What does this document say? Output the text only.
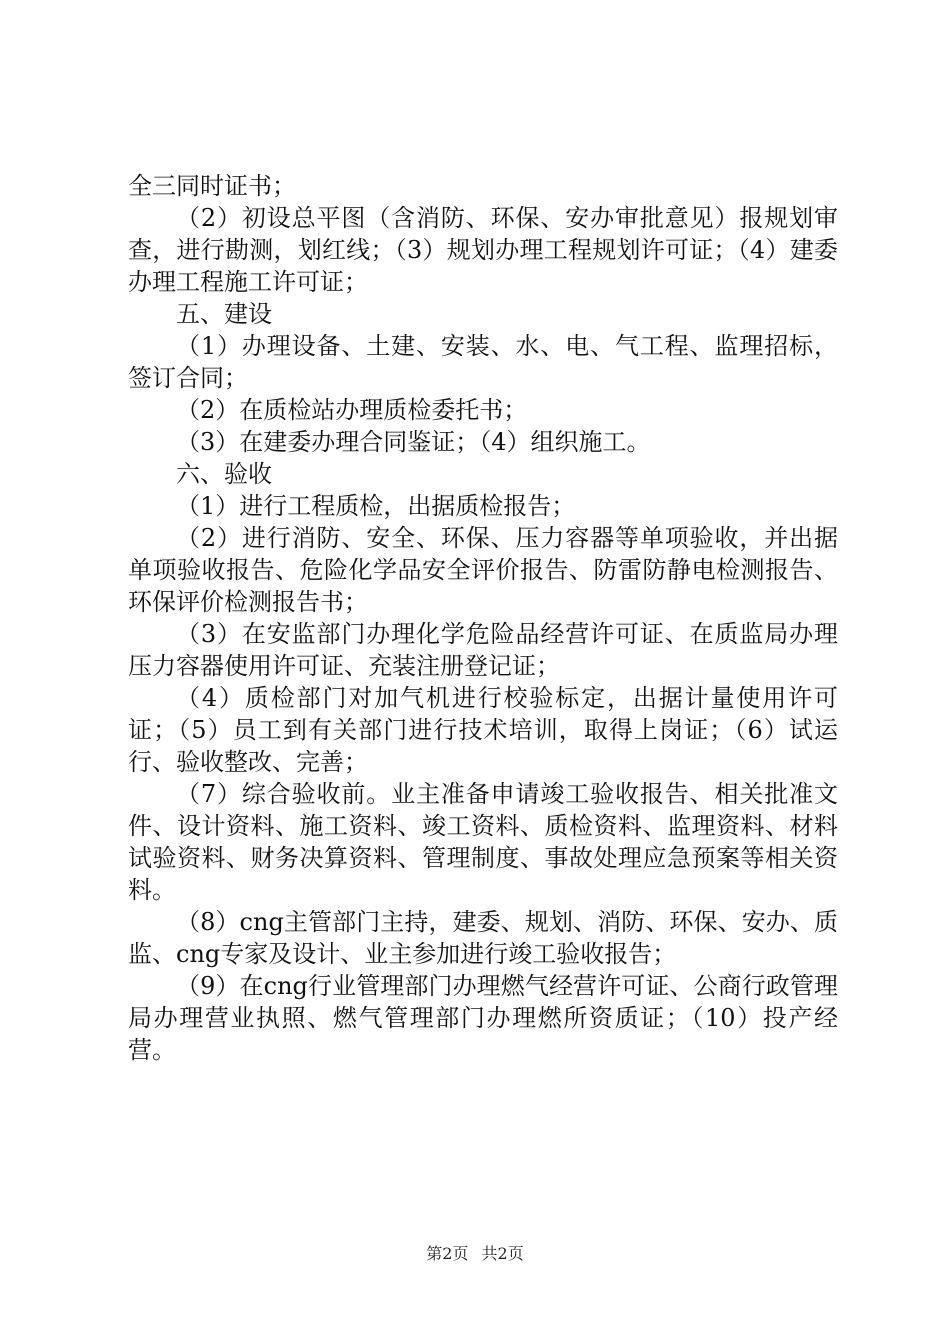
全三同时证书；

（2）初设总平图（含消防、环保、安办审批意见）报规划审查，进行勘测，划红线；（3）规划办理工程规划许可证；（4）建委办理工程施工许可证；

五、建设

（1）办理设备、土建、安装、水、电、气工程、监理招标，签订合同；

（2）在质检站办理质检委托书；

（3）在建委办理合同鉴证；（4）组织施工。

六、验收

（1）进行工程质检，出据质检报告；

（2）进行消防、安全、环保、压力容器等单项验收，并出据单项验收报告、危险化学品安全评价报告、防雷防静电检测报告、环保评价检测报告书；

（3）在安监部门办理化学危险品经营许可证、在质监局办理压力容器使用许可证、充装注册登记证；

（4）质检部门对加气机进行校验标定，出据计量使用许可证；（5）员工到有关部门进行技术培训，取得上岗证；（6）试运行、验收整改、完善；

（7）综合验收前。业主准备申请竣工验收报告、相关批准文件、设计资料、施工资料、竣工资料、质检资料、监理资料、材料试验资料、财务决算资料、管理制度、事故处理应急预案等相关资料。

（8）cng主管部门主持，建委、规划、消防、环保、安办、质监、cng专家及设计、业主参加进行竣工验收报告；

（9）在cng行业管理部门办理燃气经营许可证、公商行政管理局办理营业执照、燃气管理部门办理燃所资质证；（10）投产经营。

第2页 共2页
